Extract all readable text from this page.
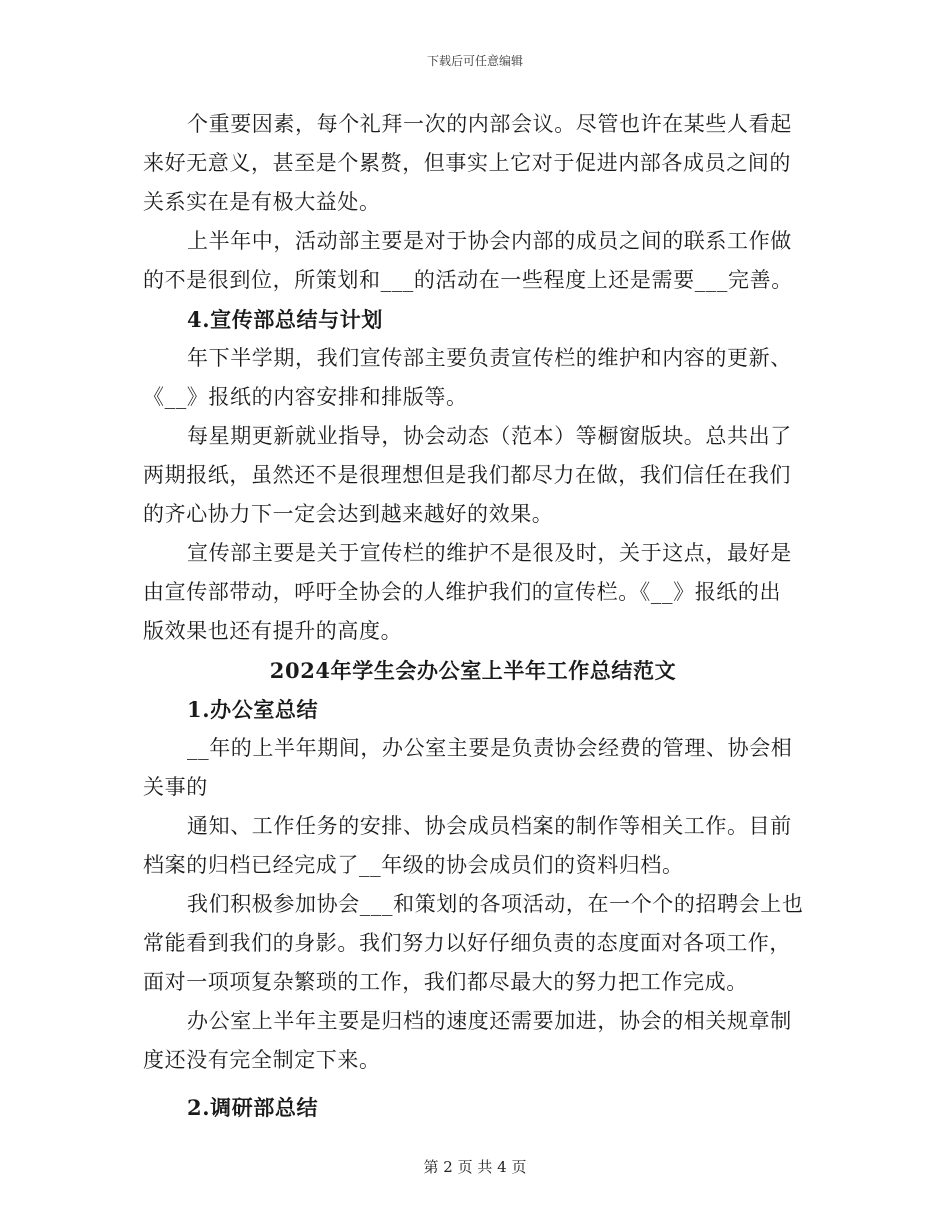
下载后可任意编辑
个重要因素，每个礼拜一次的内部会议。尽管也许在某些人看起
来好无意义，甚至是个累赘，但事实上它对于促进内部各成员之间的
关系实在是有极大益处。
上半年中，活动部主要是对于协会内部的成员之间的联系工作做
的不是很到位，所策划和___的活动在一些程度上还是需要___完善。
4.宣传部总结与计划
年下半学期，我们宣传部主要负责宣传栏的维护和内容的更新、
《__》报纸的内容安排和排版等。
每星期更新就业指导，协会动态（范本）等橱窗版块。总共出了
两期报纸，虽然还不是很理想但是我们都尽力在做，我们信任在我们
的齐心协力下一定会达到越来越好的效果。
宣传部主要是关于宣传栏的维护不是很及时，关于这点，最好是
由宣传部带动，呼吁全协会的人维护我们的宣传栏。《__》报纸的出
版效果也还有提升的高度。
2024年学生会办公室上半年工作总结范文
1.办公室总结
__年的上半年期间，办公室主要是负责协会经费的管理、协会相
关事的
通知、工作任务的安排、协会成员档案的制作等相关工作。目前
档案的归档已经完成了__年级的协会成员们的资料归档。
我们积极参加协会___和策划的各项活动，在一个个的招聘会上也
常能看到我们的身影。我们努力以好仔细负责的态度面对各项工作，
面对一项项复杂繁琐的工作，我们都尽最大的努力把工作完成。
办公室上半年主要是归档的速度还需要加进，协会的相关规章制
度还没有完全制定下来。
2.调研部总结
第 2 页 共 4 页
